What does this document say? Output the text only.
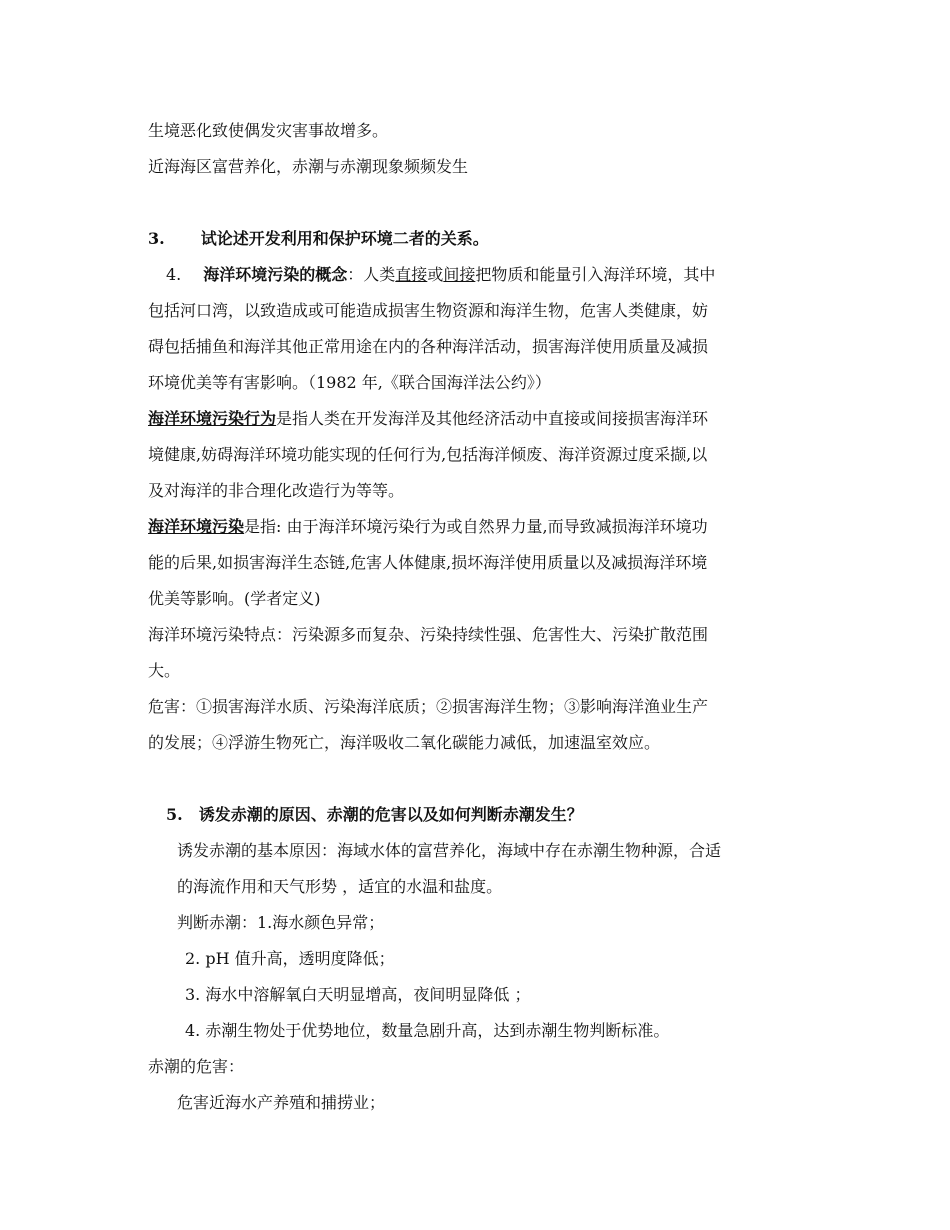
生境恶化致使偶发灾害事故增多。
近海海区富营养化，赤潮与赤潮现象频频发生
3. 试论述开发利用和保护环境二者的关系。
4. 海洋环境污染的概念：人类直接或间接把物质和能量引入海洋环境，其中
包括河口湾，以致造成或可能造成损害生物资源和海洋生物，危害人类健康，妨
碍包括捕鱼和海洋其他正常用途在内的各种海洋活动，损害海洋使用质量及减损
环境优美等有害影响。（1982 年,《联合国海洋法公约》）
海洋环境污染行为是指人类在开发海洋及其他经济活动中直接或间接损害海洋环
境健康,妨碍海洋环境功能实现的任何行为,包括海洋倾废、海洋资源过度采撷,以
及对海洋的非合理化改造行为等等。
海洋环境污染是指: 由于海洋环境污染行为或自然界力量,而导致减损海洋环境功
能的后果,如损害海洋生态链,危害人体健康,损坏海洋使用质量以及减损海洋环境
优美等影响。(学者定义)
海洋环境污染特点：污染源多而复杂、污染持续性强、危害性大、污染扩散范围
大。
危害：①损害海洋水质、污染海洋底质；②损害海洋生物；③影响海洋渔业生产
的发展；④浮游生物死亡，海洋吸收二氧化碳能力减低，加速温室效应。
5. 诱发赤潮的原因、赤潮的危害以及如何判断赤潮发生？
诱发赤潮的基本原因：海域水体的富营养化，海域中存在赤潮生物种源，合适
的海流作用和天气形势 ，适宜的水温和盐度。
判断赤潮：1.海水颜色异常；
2. pH 值升高，透明度降低；
3. 海水中溶解氧白天明显增高，夜间明显降低 ；
4. 赤潮生物处于优势地位，数量急剧升高，达到赤潮生物判断标准。
赤潮的危害：
危害近海水产养殖和捕捞业；
